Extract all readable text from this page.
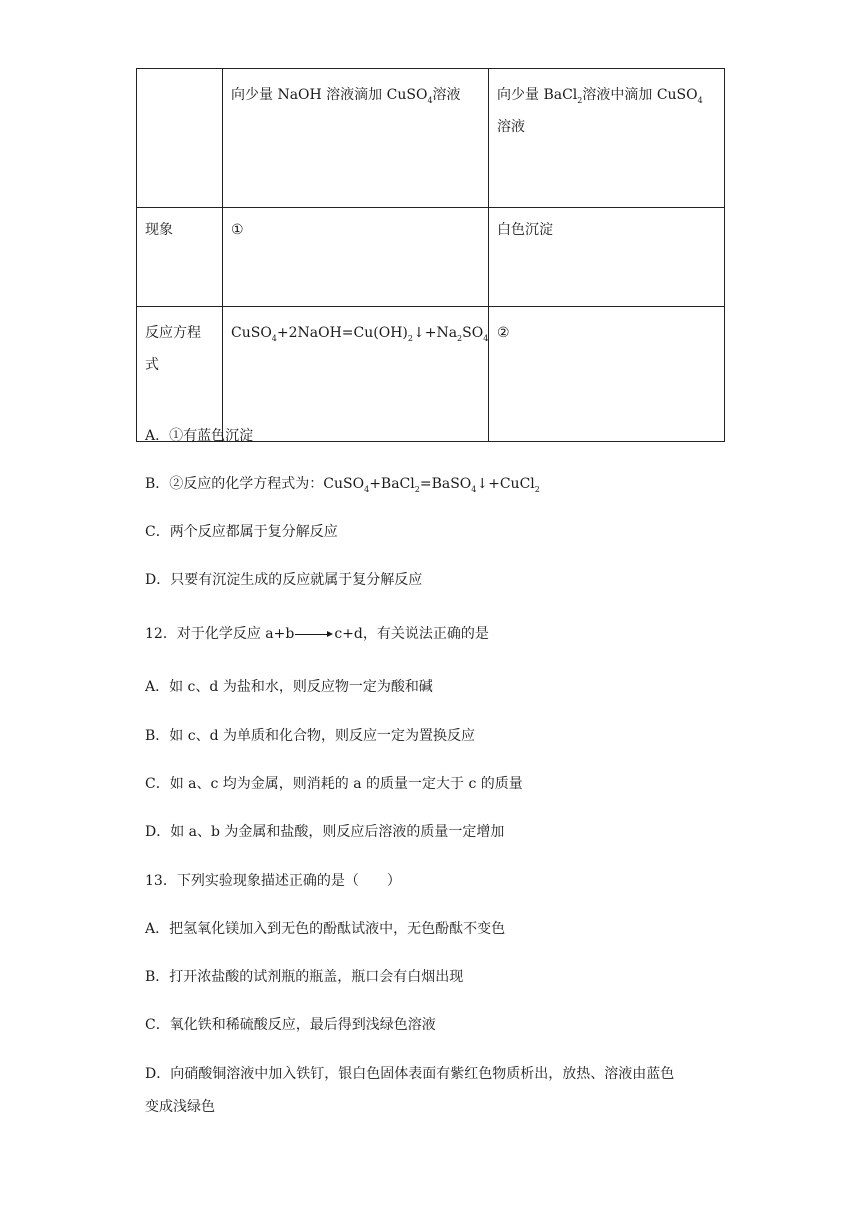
	向少量 NaOH 溶液滴加 CuSO$_4$溶液	向少量 BaCl$_2$溶液中滴加 CuSO$_4$溶液
现象	①	白色沉淀
反应方程式	$CuSO_4+2NaOH=Cu(OH)_2↓+Na_2SO_4$	②
A．①有蓝色沉淀
B．②反应的化学方程式为：CuSO$_4$+BaCl$_2$=BaSO$_4$↓+CuCl$_2$
C．两个反应都属于复分解反应
D．只要有沉淀生成的反应就属于复分解反应
12．对于化学反应 a+b	c+d，有关说法正确的是
A．如 c、d 为盐和水，则反应物一定为酸和碱
B．如 c、d 为单质和化合物，则反应一定为置换反应
C．如 a、c 均为金属，则消耗的 a 的质量一定大于 c 的质量
D．如 a、b 为金属和盐酸，则反应后溶液的质量一定增加
13．下列实验现象描述正确的是（　　）
A．把氢氧化镁加入到无色的酚酞试液中，无色酚酞不变色
B．打开浓盐酸的试剂瓶的瓶盖，瓶口会有白烟出现
C．氧化铁和稀硫酸反应，最后得到浅绿色溶液
D．向硝酸铜溶液中加入铁钉，银白色固体表面有紫红色物质析出，放热、溶液由蓝色
变成浅绿色
